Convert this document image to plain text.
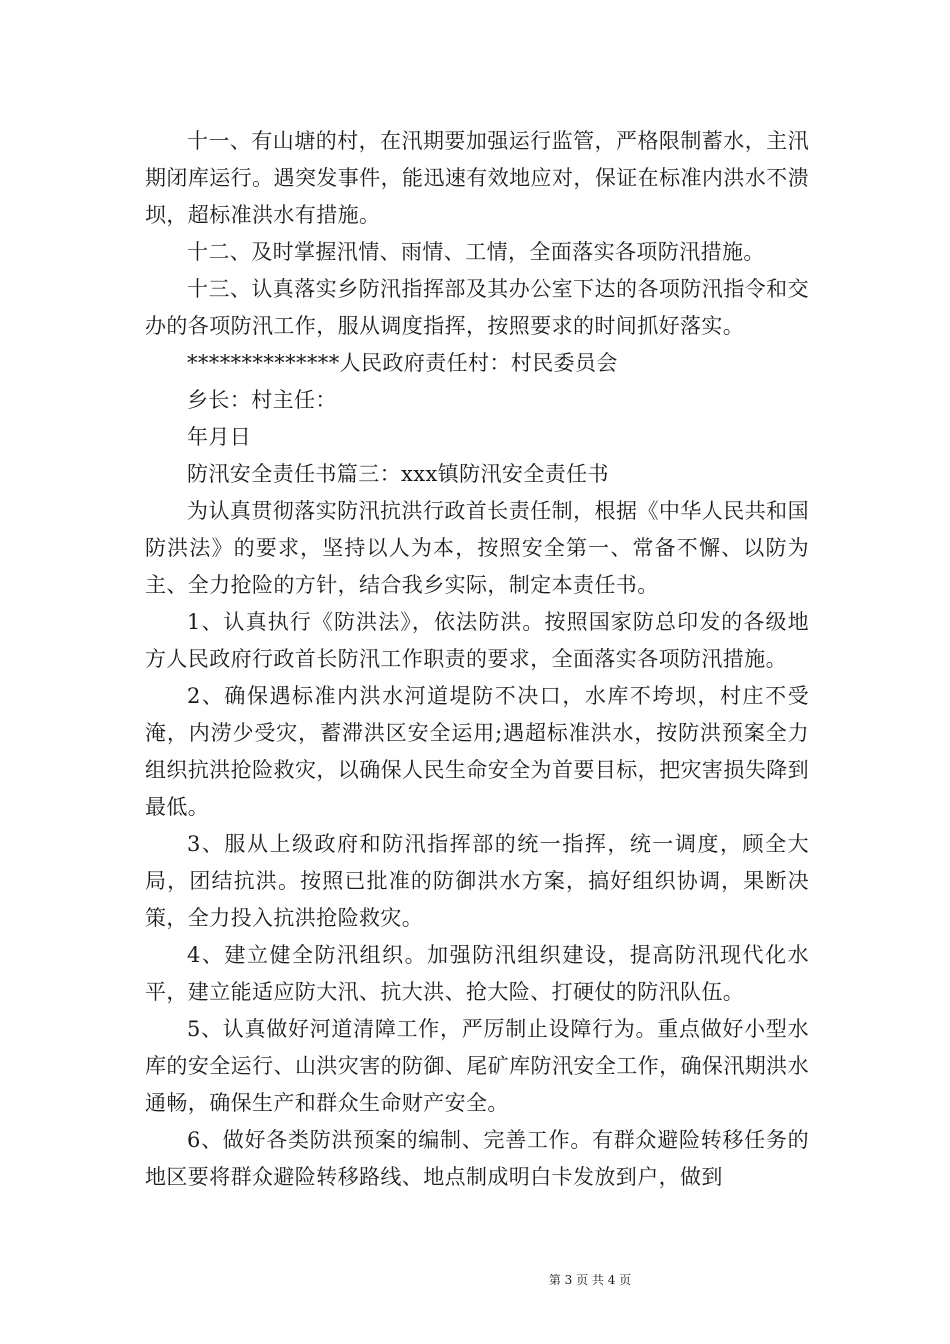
十一、有山塘的村，在汛期要加强运行监管，严格限制蓄水，主汛期闭库运行。遇突发事件，能迅速有效地应对，保证在标准内洪水不溃坝，超标准洪水有措施。

十二、及时掌握汛情、雨情、工情，全面落实各项防汛措施。

十三、认真落实乡防汛指挥部及其办公室下达的各项防汛指令和交办的各项防汛工作，服从调度指挥，按照要求的时间抓好落实。

**************人民政府责任村：村民委员会

乡长：村主任：

年月日

防汛安全责任书篇三：xxx镇防汛安全责任书

为认真贯彻落实防汛抗洪行政首长责任制，根据《中华人民共和国防洪法》的要求，坚持以人为本，按照安全第一、常备不懈、以防为主、全力抢险的方针，结合我乡实际，制定本责任书。

1、认真执行《防洪法》，依法防洪。按照国家防总印发的各级地方人民政府行政首长防汛工作职责的要求，全面落实各项防汛措施。

2、确保遇标准内洪水河道堤防不决口，水库不垮坝，村庄不受淹，内涝少受灾，蓄滞洪区安全运用;遇超标准洪水，按防洪预案全力组织抗洪抢险救灾，以确保人民生命安全为首要目标，把灾害损失降到最低。

3、服从上级政府和防汛指挥部的统一指挥，统一调度，顾全大局，团结抗洪。按照已批准的防御洪水方案，搞好组织协调，果断决策，全力投入抗洪抢险救灾。

4、建立健全防汛组织。加强防汛组织建设，提高防汛现代化水平，建立能适应防大汛、抗大洪、抢大险、打硬仗的防汛队伍。

5、认真做好河道清障工作，严厉制止设障行为。重点做好小型水库的安全运行、山洪灾害的防御、尾矿库防汛安全工作，确保汛期洪水通畅，确保生产和群众生命财产安全。

6、做好各类防洪预案的编制、完善工作。有群众避险转移任务的地区要将群众避险转移路线、地点制成明白卡发放到户，做到

第 3 页 共 4 页
